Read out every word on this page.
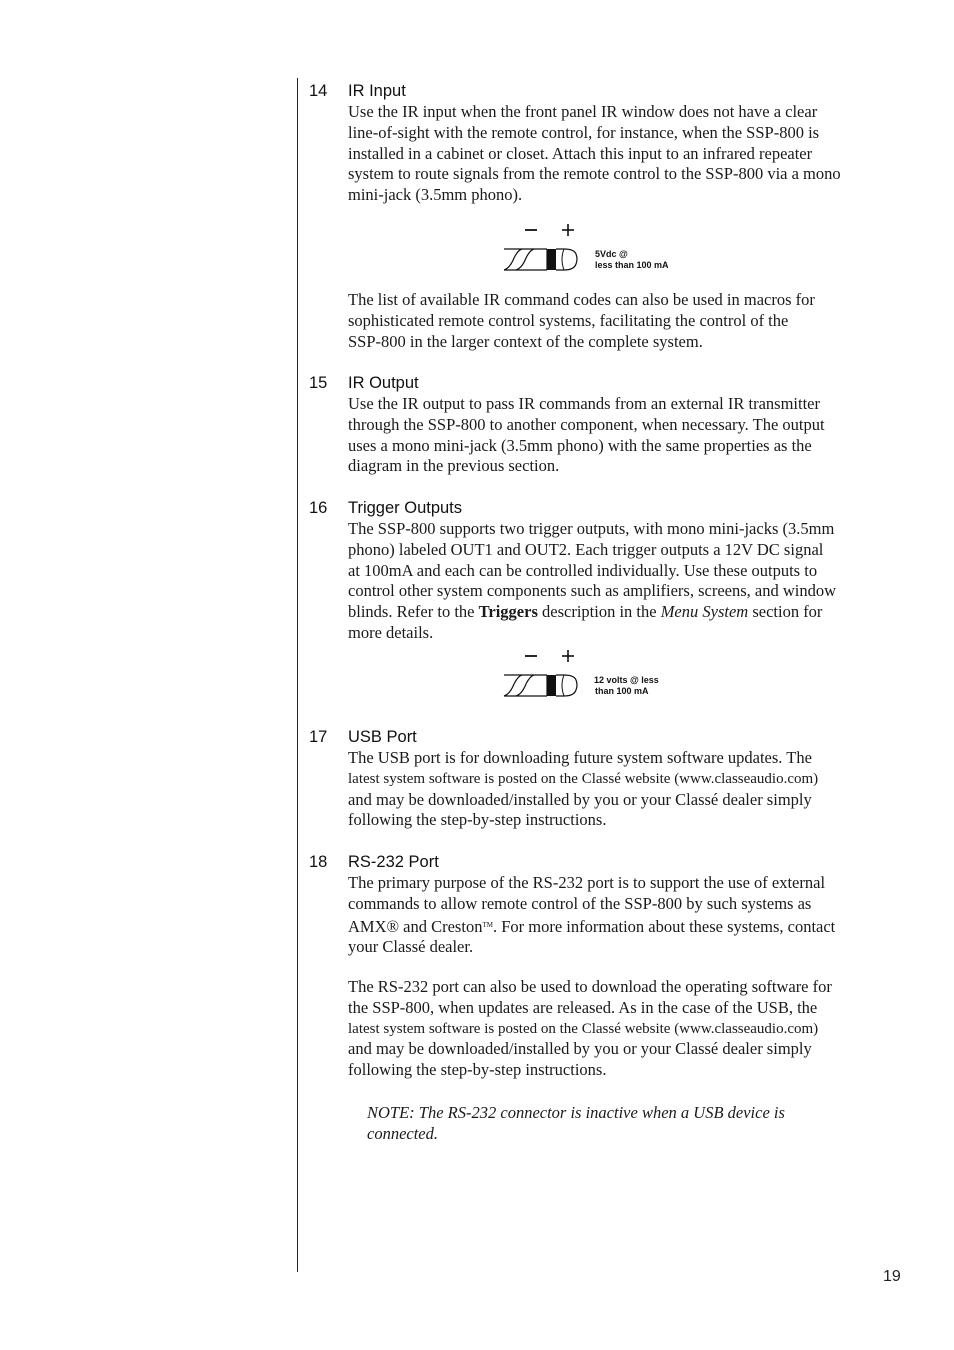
14 IR Input

Use the IR input when the front panel IR window does not have a clear
line-of-sight with the remote control, for instance, when the SSP-800 is
installed in a cabinet or closet. Attach this input to an infrared repeater
system to route signals from the remote control to the SSP-800 via a mono
mini-jack (3.5mm phono).

5Vdc @
less than 100 mA

The list of available IR command codes can also be used in macros for
sophisticated remote control systems, facilitating the control of the
SSP-800 in the larger context of the complete system.

15 IR Output

Use the IR output to pass IR commands from an external IR transmitter
through the SSP-800 to another component, when necessary. The output
uses a mono mini-jack (3.5mm phono) with the same properties as the
diagram in the previous section.

16 Trigger Outputs

The SSP-800 supports two trigger outputs, with mono mini-jacks (3.5mm
phono) labeled OUT1 and OUT2. Each trigger outputs a 12V DC signal
at 100mA and each can be controlled individually. Use these outputs to
control other system components such as amplifiers, screens, and window
blinds. Refer to the Triggers description in the Menu System section for
more details.

12 volts @ less
than 100 mA
17 USB Port

The USB port is for downloading future system software updates. The
latest system software is posted on the Classé website (www.classeaudio.com)
and may be downloaded/installed by you or your Classé dealer simply
following the step-by-step instructions.

18 RS-232 Port

The primary purpose of the RS-232 port is to support the use of external
commands to allow remote control of the SSP-800 by such systems as
AMX® and Creston™. For more information about these systems, contact
your Classé dealer.

The RS-232 port can also be used to download the operating software for
the SSP-800, when updates are released. As in the case of the USB, the
latest system software is posted on the Classé website (www.classeaudio.com)
and may be downloaded/installed by you or your Classé dealer simply
following the step-by-step instructions.

NOTE: The RS-232 connector is inactive when a USB device is
connected.
19
